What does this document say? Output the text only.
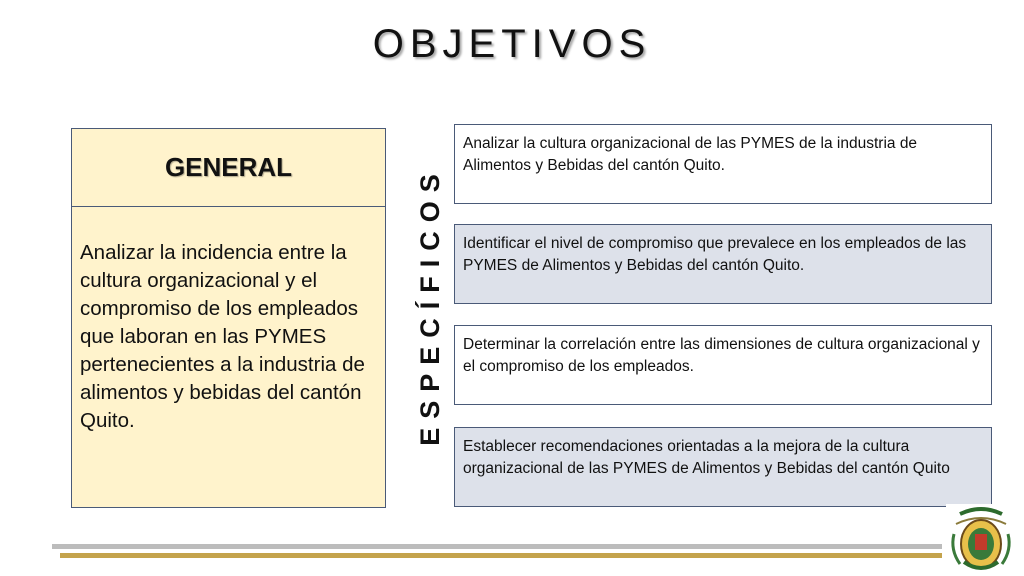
OBJETIVOS
GENERAL
Analizar la incidencia entre la cultura organizacional y el compromiso de los empleados que laboran en las PYMES pertenecientes a la industria de alimentos y bebidas del cantón Quito.	ESPECÍFICOS
Analizar la cultura organizacional de las PYMES de la industria de Alimentos y Bebidas del cantón Quito.
Identificar el nivel de compromiso que prevalece en los empleados de las PYMES de Alimentos y Bebidas del cantón Quito.
Determinar la correlación entre las dimensiones de cultura organizacional y el compromiso de los empleados.
Establecer recomendaciones orientadas a la mejora de la cultura organizacional de las PYMES de Alimentos y Bebidas del cantón Quito
